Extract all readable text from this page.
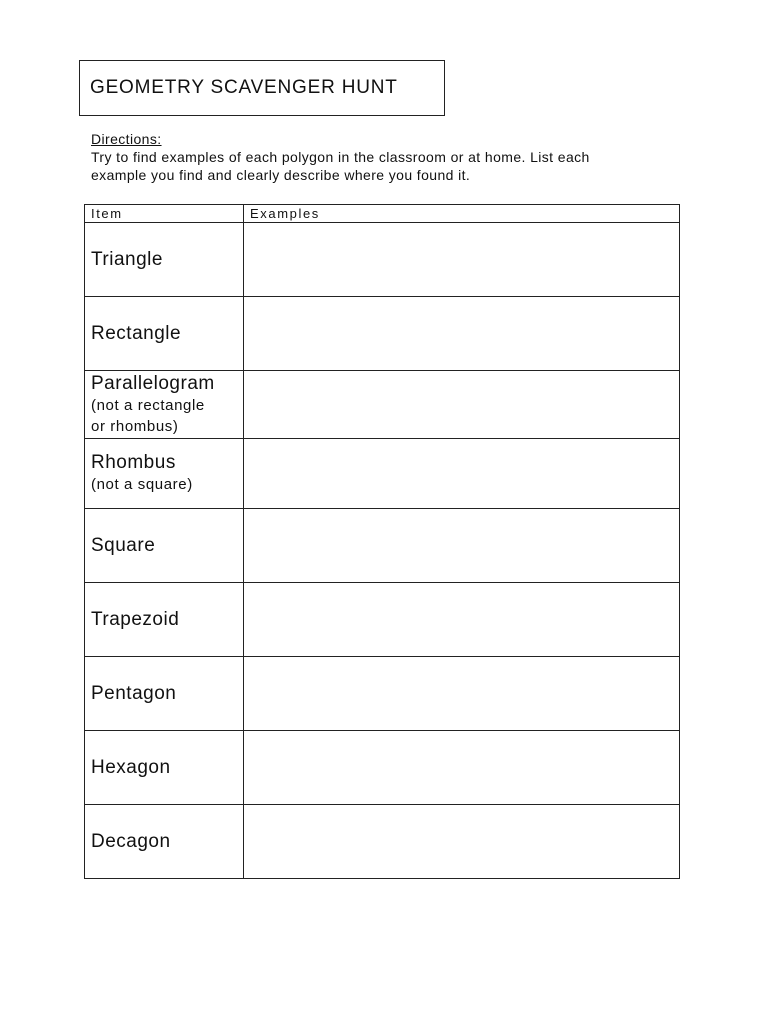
GEOMETRY SCAVENGER HUNT
Directions:
Try to find examples of each polygon in the classroom or at home. List each
example you find and clearly describe where you found it.
Item	Examples

Triangle	

Rectangle	

Parallelogram
(not a rectangle
or rhombus)	

Rhombus
(not a square)	

Square	

Trapezoid	

Pentagon	

Hexagon	

Decagon	
